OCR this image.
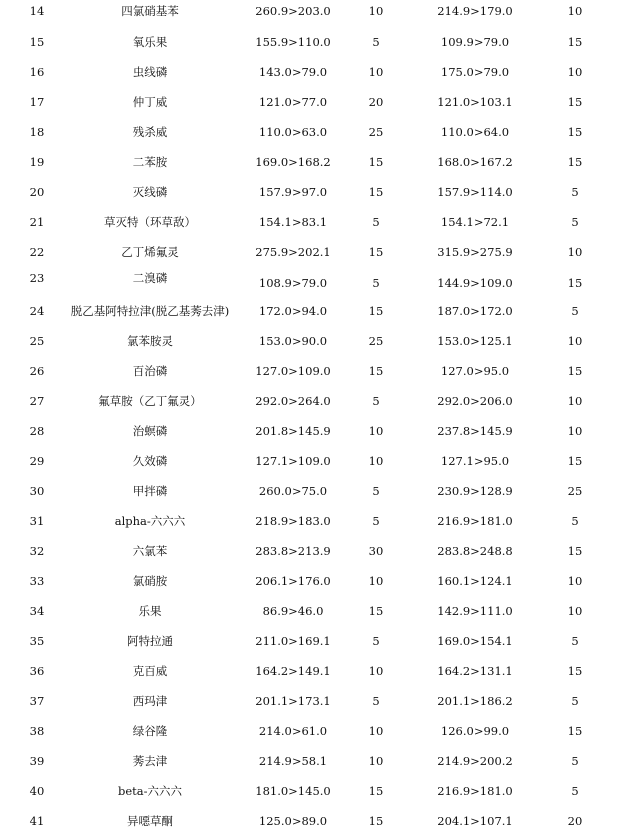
14	四氯硝基苯	260.9>203.0	10	214.9>179.0	10
15	氧乐果	155.9>110.0	5	109.9>79.0	15
16	虫线磷	143.0>79.0	10	175.0>79.0	10
17	仲丁威	121.0>77.0	20	121.0>103.1	15
18	残杀威	110.0>63.0	25	110.0>64.0	15
19	二苯胺	169.0>168.2	15	168.0>167.2	15
20	灭线磷	157.9>97.0	15	157.9>114.0	5
21	草灭特（环草敌）	154.1>83.1	5	154.1>72.1	5
22	乙丁烯氟灵	275.9>202.1	15	315.9>275.9	10
23	二溴磷	108.9>79.0	5	144.9>109.0	15
24	脱乙基阿特拉津(脱乙基莠去津)	172.0>94.0	15	187.0>172.0	5
25	氯苯胺灵	153.0>90.0	25	153.0>125.1	10
26	百治磷	127.0>109.0	15	127.0>95.0	15
27	氟草胺（乙丁氟灵）	292.0>264.0	5	292.0>206.0	10
28	治螟磷	201.8>145.9	10	237.8>145.9	10
29	久效磷	127.1>109.0	10	127.1>95.0	15
30	甲拌磷	260.0>75.0	5	230.9>128.9	25
31	alpha-六六六	218.9>183.0	5	216.9>181.0	5
32	六氯苯	283.8>213.9	30	283.8>248.8	15
33	氯硝胺	206.1>176.0	10	160.1>124.1	10
34	乐果	86.9>46.0	15	142.9>111.0	10
35	阿特拉通	211.0>169.1	5	169.0>154.1	5
36	克百威	164.2>149.1	10	164.2>131.1	15
37	西玛津	201.1>173.1	5	201.1>186.2	5
38	绿谷隆	214.0>61.0	10	126.0>99.0	15
39	莠去津	214.9>58.1	10	214.9>200.2	5
40	beta-六六六	181.0>145.0	15	216.9>181.0	5
41	异噁草酮	125.0>89.0	15	204.1>107.1	20
